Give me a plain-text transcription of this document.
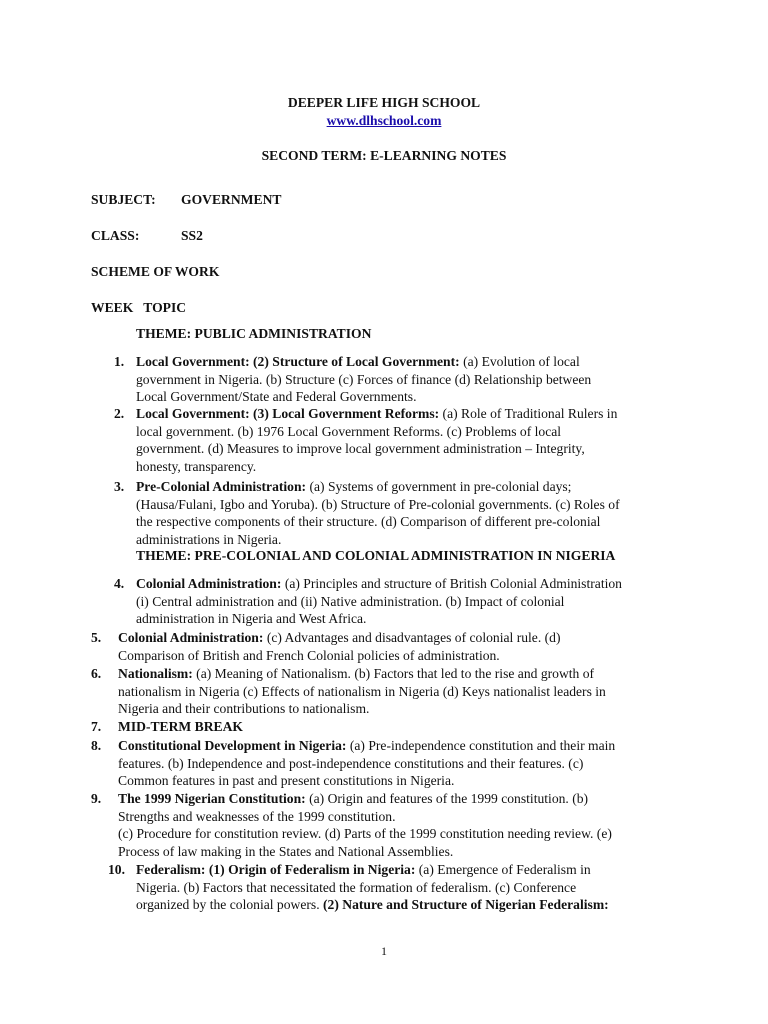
DEEPER LIFE HIGH SCHOOL
www.dlhschool.com
SECOND TERM: E-LEARNING NOTES
SUBJECT: GOVERNMENT
CLASS:	SS2
SCHEME OF WORK
WEEK   TOPIC
THEME: PUBLIC ADMINISTRATION
1. Local Government: (2) Structure of Local Government: (a) Evolution of local
government in Nigeria. (b) Structure (c) Forces of finance (d) Relationship between
Local Government/State and Federal Governments.
2. Local Government: (3) Local Government Reforms: (a) Role of Traditional Rulers in
local government. (b) 1976 Local Government Reforms. (c) Problems of local
government. (d) Measures to improve local government administration – Integrity,
honesty, transparency.
3. Pre-Colonial Administration: (a) Systems of government in pre-colonial days;
(Hausa/Fulani, Igbo and Yoruba). (b) Structure of Pre-colonial governments. (c) Roles of
the respective components of their structure. (d) Comparison of different pre-colonial
administrations in Nigeria.
THEME: PRE-COLONIAL AND COLONIAL ADMINISTRATION IN NIGERIA
4. Colonial Administration: (a) Principles and structure of British Colonial Administration
(i) Central administration and (ii) Native administration. (b) Impact of colonial
administration in Nigeria and West Africa.
5. Colonial Administration: (c) Advantages and disadvantages of colonial rule. (d)
Comparison of British and French Colonial policies of administration.
6. Nationalism: (a) Meaning of Nationalism. (b) Factors that led to the rise and growth of
nationalism in Nigeria (c) Effects of nationalism in Nigeria (d) Keys nationalist leaders in
Nigeria and their contributions to nationalism.
7. MID-TERM BREAK
8. Constitutional Development in Nigeria: (a) Pre-independence constitution and their main
features. (b) Independence and post-independence constitutions and their features. (c)
Common features in past and present constitutions in Nigeria.
9. The 1999 Nigerian Constitution: (a) Origin and features of the 1999 constitution. (b)
Strengths and weaknesses of the 1999 constitution.
(c) Procedure for constitution review. (d) Parts of the 1999 constitution needing review. (e)
Process of law making in the States and National Assemblies.
10. Federalism: (1) Origin of Federalism in Nigeria: (a) Emergence of Federalism in
Nigeria. (b) Factors that necessitated the formation of federalism. (c) Conference
organized by the colonial powers. (2) Nature and Structure of Nigerian Federalism:
1
